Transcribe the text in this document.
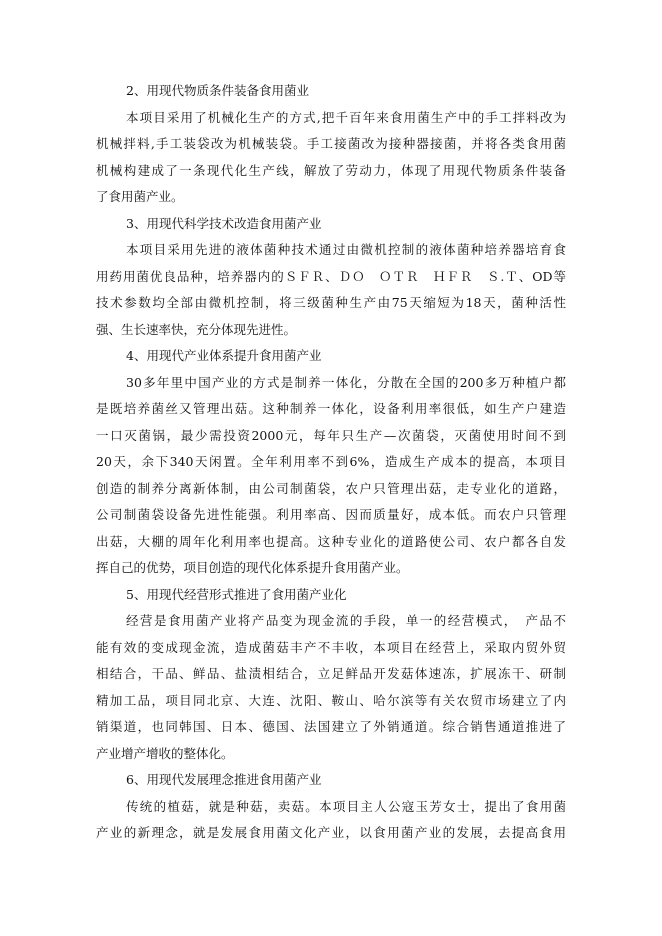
2、用现代物质条件装备食用菌业
本项目采用了机械化生产的方式,把千百年来食用菌生产中的手工拌料改为
机械拌料,手工装袋改为机械装袋。手工接菌改为接种器接菌，并将各类食用菌
机械构建成了一条现代化生产线，解放了劳动力，体现了用现代物质条件装备
了食用菌产业。
3、用现代科学技术改造食用菌产业
本项目采用先进的液体菌种技术通过由微机控制的液体菌种培养器培育食
用药用菌优良品种，培养器内的ＳＦＲ、ＤＯ　ＯＴＲ　ＨＦＲ　Ｓ.Ｔ、OD等
技术参数均全部由微机控制，将三级菌种生产由75天缩短为18天，菌种活性
强、生长速率快，充分体现先进性。
4、用现代产业体系提升食用菌产业
30多年里中国产业的方式是制养一体化，分散在全国的200多万种植户都
是既培养菌丝又管理出菇。这种制养一体化，设备利用率很低，如生产户建造
一口灭菌锅，最少需投资2000元，每年只生产—次菌袋，灭菌使用时间不到
20天，余下340天闲置。全年利用率不到6%，造成生产成本的提高，本项目
创造的制养分离新体制，由公司制菌袋，农户只管理出菇，走专业化的道路，
公司制菌袋设备先进性能强。利用率高、因而质量好，成本低。而农户只管理
出菇，大棚的周年化利用率也提高。这种专业化的道路使公司、农户都各自发
挥自己的优势，项目创造的现代化体系提升食用菌产业。
5、用现代经营形式推进了食用菌产业化
经营是食用菌产业将产品变为现金流的手段，单一的经营模式，　产品不
能有效的变成现金流，造成菌菇丰产不丰收，本项目在经营上，采取内贸外贸
相结合，干品、鲜品、盐渍相结合，立足鲜品开发菇体速冻，扩展冻干、研制
精加工品，项目同北京、大连、沈阳、鞍山、哈尔滨等有关农贸市场建立了内
销渠道，也同韩国、日本、德国、法国建立了外销通道。综合销售通道推进了
产业增产增收的整体化。
6、用现代发展理念推进食用菌产业
传统的植菇，就是种菇，卖菇。本项目主人公寇玉芳女士，提出了食用菌
产业的新理念，就是发展食用菌文化产业，以食用菌产业的发展，去提高食用
